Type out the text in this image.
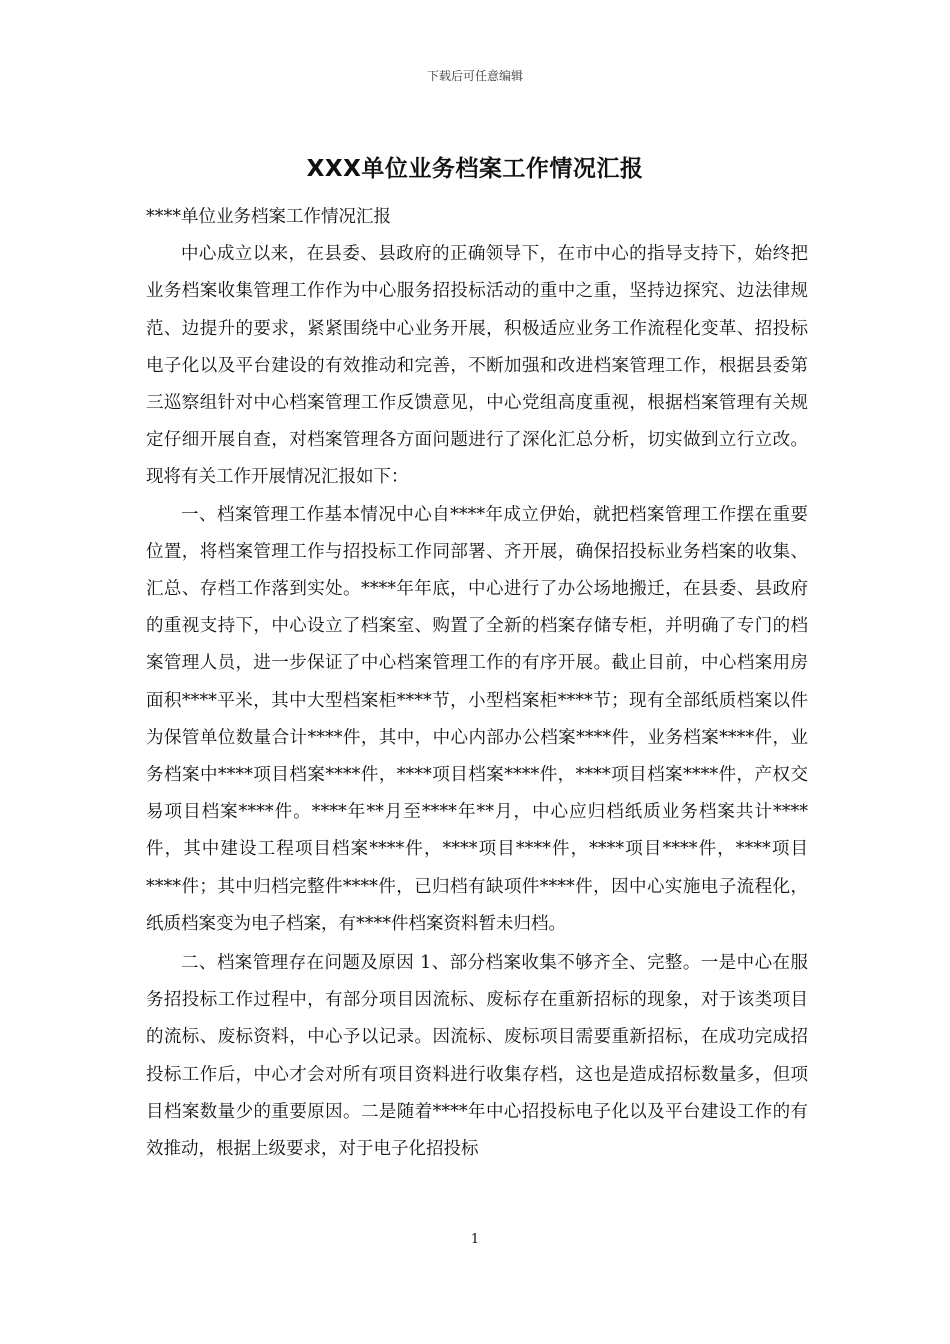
下载后可任意编辑
XXX单位业务档案工作情况汇报

****单位业务档案工作情况汇报

中心成立以来，在县委、县政府的正确领导下，在市中心的指导支持下，始终把业务档案收集管理工作作为中心服务招投标活动的重中之重，坚持边探究、边法律规范、边提升的要求，紧紧围绕中心业务开展，积极适应业务工作流程化变革、招投标电子化以及平台建设的有效推动和完善，不断加强和改进档案管理工作，根据县委第三巡察组针对中心档案管理工作反馈意见，中心党组高度重视，根据档案管理有关规定仔细开展自查，对档案管理各方面问题进行了深化汇总分析，切实做到立行立改。现将有关工作开展情况汇报如下：

一、档案管理工作基本情况中心自****年成立伊始，就把档案管理工作摆在重要位置，将档案管理工作与招投标工作同部署、齐开展，确保招投标业务档案的收集、汇总、存档工作落到实处。****年年底，中心进行了办公场地搬迁，在县委、县政府的重视支持下，中心设立了档案室、购置了全新的档案存储专柜，并明确了专门的档案管理人员，进一步保证了中心档案管理工作的有序开展。截止目前，中心档案用房面积****平米，其中大型档案柜****节，小型档案柜****节；现有全部纸质档案以件为保管单位数量合计****件，其中，中心内部办公档案****件，业务档案****件，业务档案中****项目档案****件，****项目档案****件，****项目档案****件，产权交易项目档案****件。****年**月至****年**月，中心应归档纸质业务档案共计****件，其中建设工程项目档案****件，****项目****件，****项目****件，****项目****件；其中归档完整件****件，已归档有缺项件****件，因中心实施电子流程化，纸质档案变为电子档案，有****件档案资料暂未归档。

二、档案管理存在问题及原因 1、部分档案收集不够齐全、完整。一是中心在服务招投标工作过程中，有部分项目因流标、废标存在重新招标的现象，对于该类项目的流标、废标资料，中心予以记录。因流标、废标项目需要重新招标，在成功完成招投标工作后，中心才会对所有项目资料进行收集存档，这也是造成招标数量多，但项目档案数量少的重要原因。二是随着****年中心招投标电子化以及平台建设工作的有效推动，根据上级要求，对于电子化招投标

1
